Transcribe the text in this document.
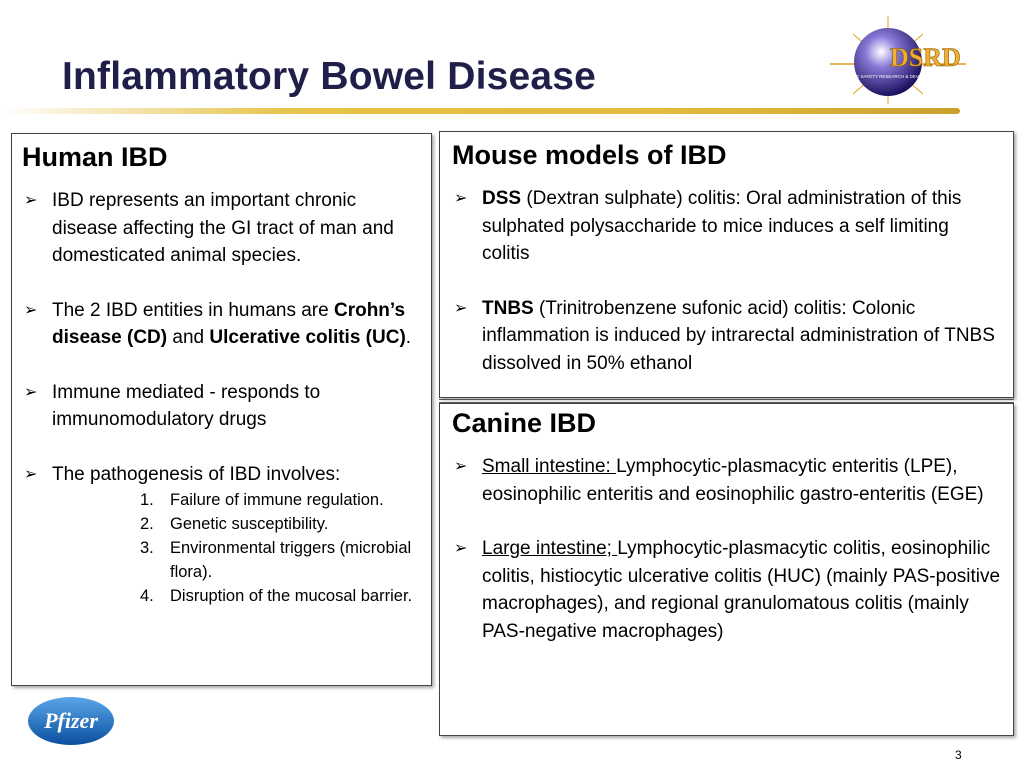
Inflammatory Bowel Disease	DSRD
DRUG SAFETY RESEARCH & DEVELOPMENT
Human IBD
➢ IBD represents an important chronic disease affecting the GI tract of man and domesticated animal species.
➢ The 2 IBD entities in humans are Crohn’s disease (CD) and Ulcerative colitis (UC).
➢ Immune mediated - responds to immunomodulatory drugs
➢ The pathogenesis of IBD involves:
1. Failure of immune regulation.
2. Genetic susceptibility.
3. Environmental triggers (microbial flora).
4. Disruption of the mucosal barrier.
Mouse models of IBD
➢ DSS (Dextran sulphate) colitis: Oral administration of this sulphated polysaccharide to mice induces a self limiting colitis
➢ TNBS (Trinitrobenzene sufonic acid) colitis: Colonic inflammation is induced by intrarectal administration of TNBS dissolved in 50% ethanol
Canine IBD
➢ Small intestine: Lymphocytic-plasmacytic enteritis (LPE), eosinophilic enteritis and eosinophilic gastro-enteritis (EGE)
➢ Large intestine; Lymphocytic-plasmacytic colitis, eosinophilic colitis, histiocytic ulcerative colitis (HUC) (mainly PAS-positive macrophages), and regional granulomatous colitis (mainly PAS-negative macrophages)
Pfizer
3
